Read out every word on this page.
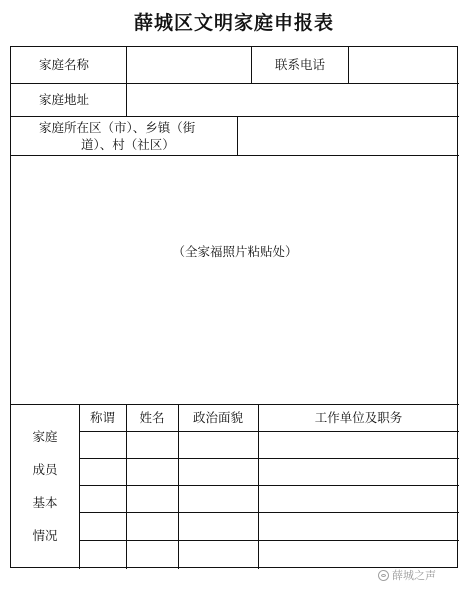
薛城区文明家庭申报表
家庭名称	联系电话
家庭地址
家庭所在区（市）、乡镇（街
道）、村（社区）
（全家福照片粘贴处）
家庭
成员
基本
情况
称谓	姓名	政治面貌	工作单位及职务
薛城之声
